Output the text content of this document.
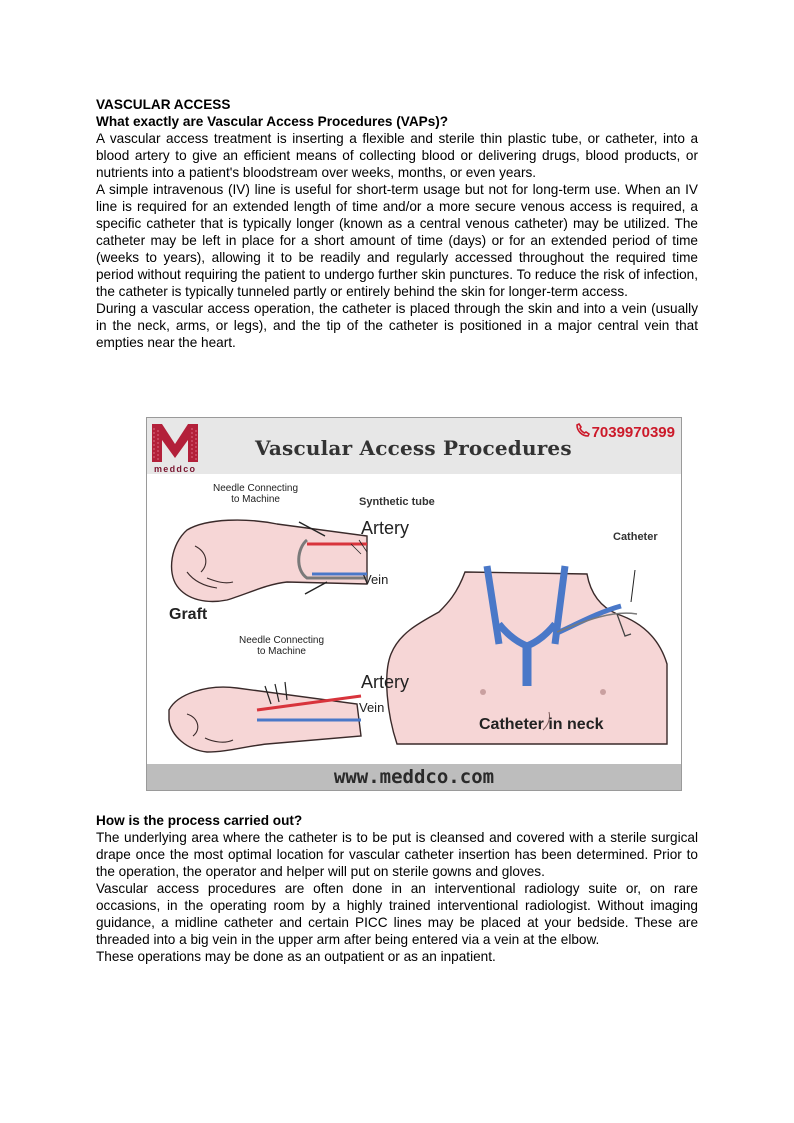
VASCULAR ACCESS

What exactly are Vascular Access Procedures (VAPs)?

A vascular access treatment is inserting a flexible and sterile thin plastic tube, or catheter, into a blood artery to give an efficient means of collecting blood or delivering drugs, blood products, or nutrients into a patient's bloodstream over weeks, months, or even years.

A simple intravenous (IV) line is useful for short-term usage but not for long-term use. When an IV line is required for an extended length of time and/or a more secure venous access is required, a specific catheter that is typically longer (known as a central venous catheter) may be utilized. The catheter may be left in place for a short amount of time (days) or for an extended period of time (weeks to years), allowing it to be readily and regularly accessed throughout the required time period without requiring the patient to undergo further skin punctures. To reduce the risk of infection, the catheter is typically tunneled partly or entirely behind the skin for longer-term access.

During a vascular access operation, the catheter is placed through the skin and into a vein (usually in the neck, arms, or legs), and the tip of the catheter is positioned in a major central vein that empties near the heart.

meddco
Vascular Access Procedures
7039970399
Needle Connecting
to Machine	Synthetic tube
Artery
Vein
Graft
Needle Connecting
to Machine
Artery
Vein
Catheter
Catheter in neck
www.meddco.com

How is the process carried out?

The underlying area where the catheter is to be put is cleansed and covered with a sterile surgical drape once the most optimal location for vascular catheter insertion has been determined. Prior to the operation, the operator and helper will put on sterile gowns and gloves.

Vascular access procedures are often done in an interventional radiology suite or, on rare occasions, in the operating room by a highly trained interventional radiologist. Without imaging guidance, a midline catheter and certain PICC lines may be placed at your bedside. These are threaded into a big vein in the upper arm after being entered via a vein at the elbow.

These operations may be done as an outpatient or as an inpatient.
